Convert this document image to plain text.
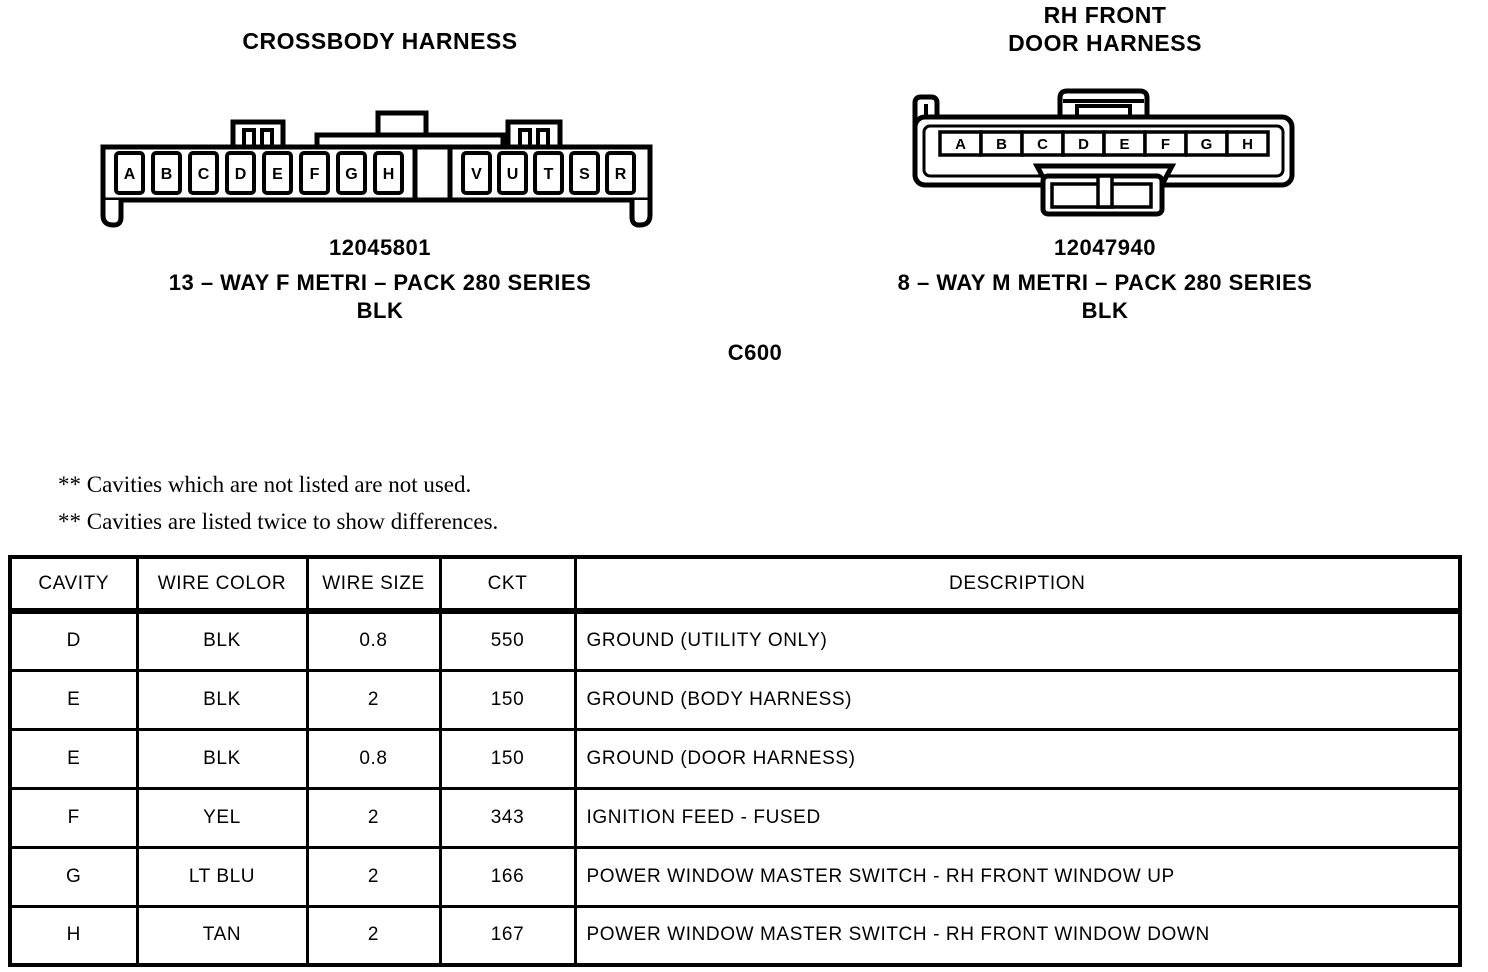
CROSSBODY HARNESS
RH FRONT
DOOR HARNESS
A B C D E F G H	V U T S R
A B C D E F G H
12045801
13 – WAY F METRI – PACK 280 SERIES
BLK
12047940
8 – WAY M METRI – PACK 280 SERIES
BLK
C600
** Cavities which are not listed are not used.
** Cavities are listed twice to show differences.
CAVITY	WIRE COLOR	WIRE SIZE	CKT	DESCRIPTION
D	BLK	0.8	550	GROUND (UTILITY ONLY)
E	BLK	2	150	GROUND (BODY HARNESS)
E	BLK	0.8	150	GROUND (DOOR HARNESS)
F	YEL	2	343	IGNITION FEED - FUSED
G	LT BLU	2	166	POWER WINDOW MASTER SWITCH - RH FRONT WINDOW UP
H	TAN	2	167	POWER WINDOW MASTER SWITCH - RH FRONT WINDOW DOWN
